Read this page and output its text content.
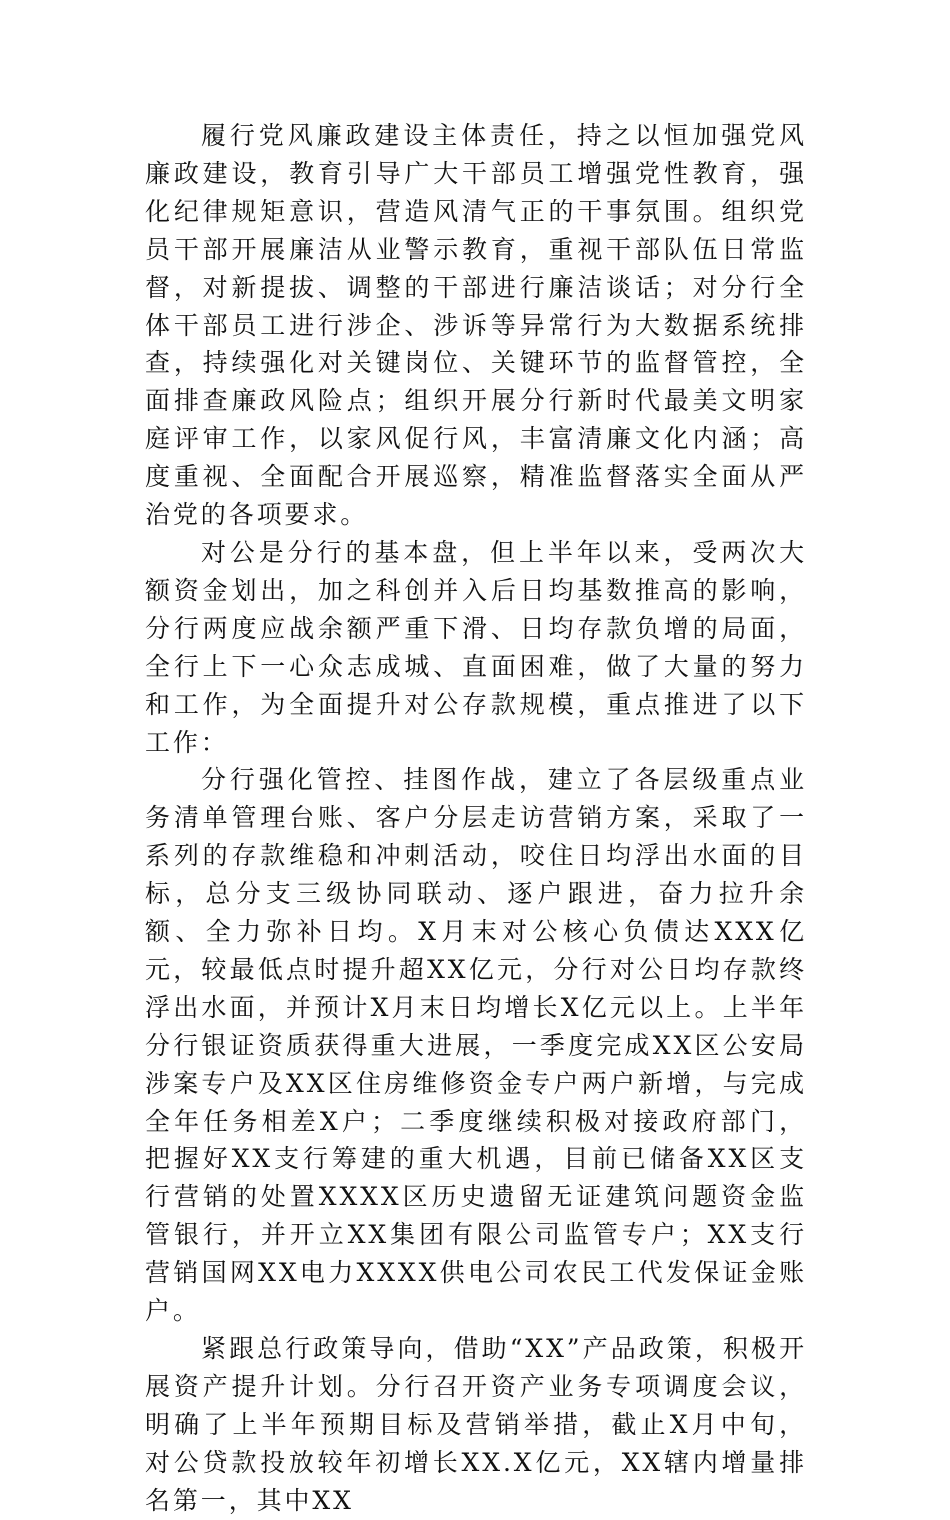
履行党风廉政建设主体责任，持之以恒加强党风廉政建设，教育引导广大干部员工增强党性教育，强化纪律规矩意识，营造风清气正的干事氛围。组织党员干部开展廉洁从业警示教育，重视干部队伍日常监督，对新提拔、调整的干部进行廉洁谈话；对分行全体干部员工进行涉企、涉诉等异常行为大数据系统排查，持续强化对关键岗位、关键环节的监督管控，全面排查廉政风险点；组织开展分行新时代最美文明家庭评审工作，以家风促行风，丰富清廉文化内涵；高度重视、全面配合开展巡察，精准监督落实全面从严治党的各项要求。

对公是分行的基本盘，但上半年以来，受两次大额资金划出，加之科创并入后日均基数推高的影响，分行两度应战余额严重下滑、日均存款负增的局面，全行上下一心众志成城、直面困难，做了大量的努力和工作，为全面提升对公存款规模，重点推进了以下工作：

分行强化管控、挂图作战，建立了各层级重点业务清单管理台账、客户分层走访营销方案，采取了一系列的存款维稳和冲刺活动，咬住日均浮出水面的目标，总分支三级协同联动、逐户跟进，奋力拉升余额、全力弥补日均。X月末对公核心负债达XXX亿元，较最低点时提升超XX亿元，分行对公日均存款终浮出水面，并预计X月末日均增长X亿元以上。上半年分行银证资质获得重大进展，一季度完成XX区公安局涉案专户及XX区住房维修资金专户两户新增，与完成全年任务相差X户；二季度继续积极对接政府部门，把握好XX支行筹建的重大机遇，目前已储备XX区支行营销的处置XXXX区历史遗留无证建筑问题资金监管银行，并开立XX集团有限公司监管专户；XX支行营销国网XX电力XXXX供电公司农民工代发保证金账户。

紧跟总行政策导向，借助“XX”产品政策，积极开展资产提升计划。分行召开资产业务专项调度会议，明确了上半年预期目标及营销举措，截止X月中旬，对公贷款投放较年初增长XX.X亿元，XX辖内增量排名第一，其中XX
